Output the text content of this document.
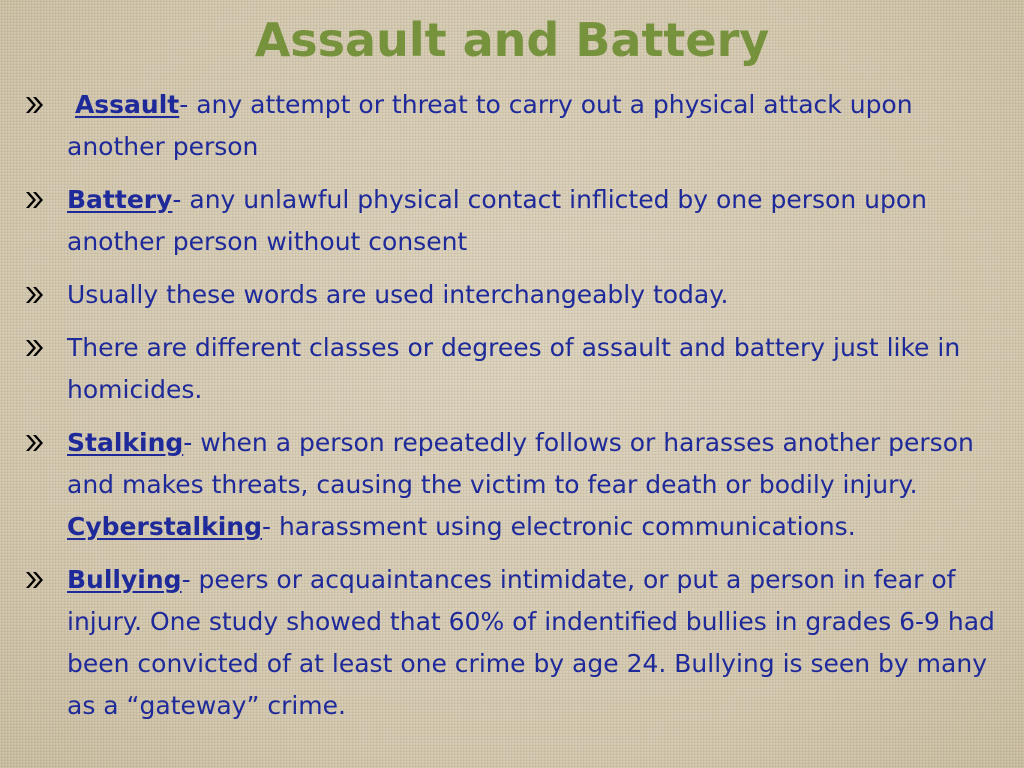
Assault and Battery
Assault- any attempt or threat to carry out a physical attack upon another person
Battery- any unlawful physical contact inflicted by one person upon another person without consent
Usually these words are used interchangeably today.
There are different classes or degrees of assault and battery just like in homicides.
Stalking- when a person repeatedly follows or harasses another person and makes threats, causing the victim to fear death or bodily injury. Cyberstalking- harassment using electronic communications.
Bullying- peers or acquaintances intimidate, or put a person in fear of injury. One study showed that 60% of indentified bullies in grades 6-9 had been convicted of at least one crime by age 24. Bullying is seen by many as a “gateway” crime.
